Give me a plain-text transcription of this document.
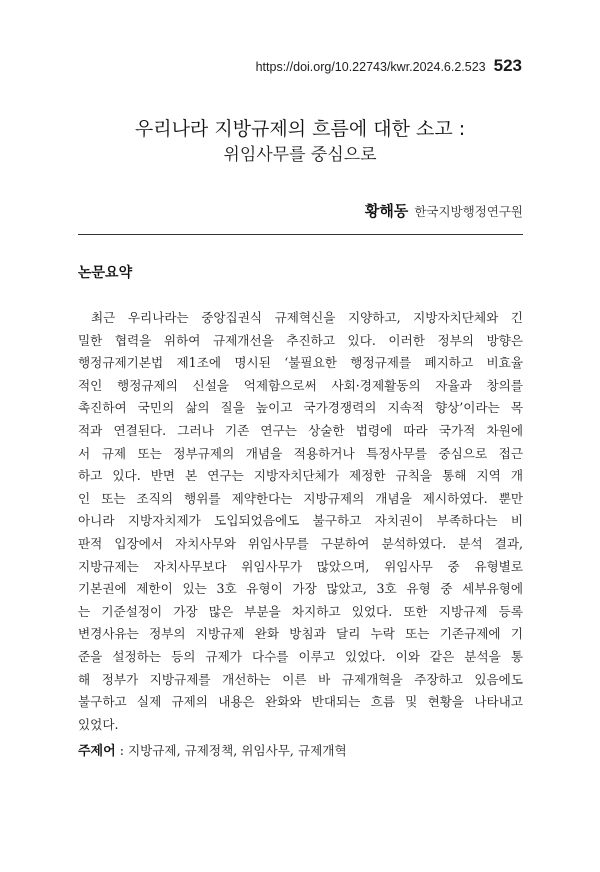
https://doi.org/10.22743/kwr.2024.6.2.523 523
우리나라 지방규제의 흐름에 대한 소고 :
위임사무를 중심으로
황해동 한국지방행정연구원
논문요약
최근 우리나라는 중앙집권식 규제혁신을 지양하고, 지방자치단체와 긴
밀한 협력을 위하여 규제개선을 추진하고 있다. 이러한 정부의 방향은
행정규제기본법 제1조에 명시된 ‘불필요한 행정규제를 폐지하고 비효율
적인 행정규제의 신설을 억제함으로써 사회·경제활동의 자율과 창의를
촉진하여 국민의 삶의 질을 높이고 국가경쟁력의 지속적 향상’이라는 목
적과 연결된다. 그러나 기존 연구는 상술한 법령에 따라 국가적 차원에
서 규제 또는 정부규제의 개념을 적용하거나 특정사무를 중심으로 접근
하고 있다. 반면 본 연구는 지방자치단체가 제정한 규칙을 통해 지역 개
인 또는 조직의 행위를 제약한다는 지방규제의 개념을 제시하였다. 뿐만
아니라 지방자치제가 도입되었음에도 불구하고 자치권이 부족하다는 비
판적 입장에서 자치사무와 위임사무를 구분하여 분석하였다. 분석 결과,
지방규제는 자치사무보다 위임사무가 많았으며, 위임사무 중 유형별로
기본권에 제한이 있는 3호 유형이 가장 많았고, 3호 유형 중 세부유형에
는 기준설정이 가장 많은 부분을 차지하고 있었다. 또한 지방규제 등록
변경사유는 정부의 지방규제 완화 방침과 달리 누락 또는 기존규제에 기
준을 설정하는 등의 규제가 다수를 이루고 있었다. 이와 같은 분석을 통
해 정부가 지방규제를 개선하는 이른 바 규제개혁을 주장하고 있음에도
불구하고 실제 규제의 내용은 완화와 반대되는 흐름 및 현황을 나타내고
있었다.
주제어 : 지방규제, 규제정책, 위임사무, 규제개혁
